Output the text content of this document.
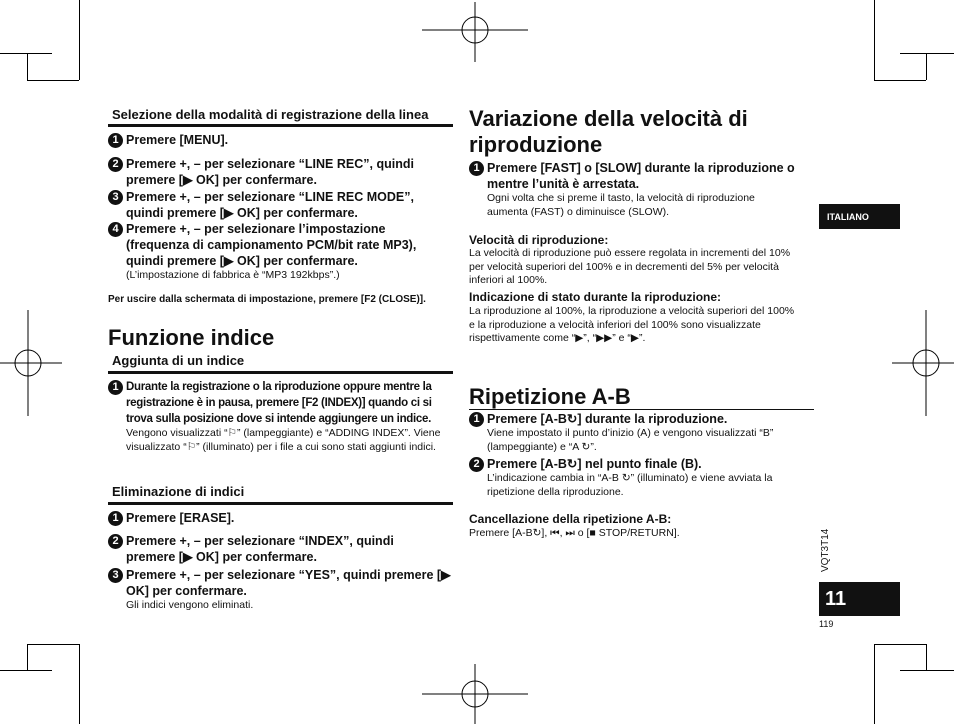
Selezione della modalità di registrazione della linea
1 Premere [MENU].
2 Premere +, – per selezionare “LINE REC”, quindi premere [▶ OK] per confermare.
3 Premere +, – per selezionare “LINE REC MODE”, quindi premere [▶ OK] per confermare.
4 Premere +, – per selezionare l’impostazione (frequenza di campionamento PCM/bit rate MP3), quindi premere [▶ OK] per confermare.
(L’impostazione di fabbrica è “MP3 192kbps”.)
Per uscire dalla schermata di impostazione, premere [F2 (CLOSE)].
Funzione indice
Aggiunta di un indice
1 Durante la registrazione o la riproduzione oppure mentre la registrazione è in pausa, premere [F2 (INDEX)] quando ci si trova sulla posizione dove si intende aggiungere un indice.
Vengono visualizzati “⚐” (lampeggiante) e “ADDING INDEX”. Viene visualizzato “⚐” (illuminato) per i file a cui sono stati aggiunti indici.
Eliminazione di indici
1 Premere [ERASE].
2 Premere +, – per selezionare “INDEX”, quindi premere [▶ OK] per confermare.
3 Premere +, – per selezionare “YES”, quindi premere [▶ OK] per confermare.
Gli indici vengono eliminati.
Variazione della velocità di riproduzione
1 Premere [FAST] o [SLOW] durante la riproduzione o mentre l’unità è arrestata.
Ogni volta che si preme il tasto, la velocità di riproduzione aumenta (FAST) o diminuisce (SLOW).
Velocità di riproduzione:
La velocità di riproduzione può essere regolata in incrementi del 10% per velocità superiori del 100% e in decrementi del 5% per velocità inferiori al 100%.
Indicazione di stato durante la riproduzione:
La riproduzione al 100%, la riproduzione a velocità superiori del 100% e la riproduzione a velocità inferiori del 100% sono visualizzate rispettivamente come “▶”, “▶▶” e “▶”.
Ripetizione A-B
1 Premere [A-B↻] durante la riproduzione.
Viene impostato il punto d’inizio (A) e vengono visualizzati “B” (lampeggiante) e “A ↻”.
2 Premere [A-B↻] nel punto finale (B).
L’indicazione cambia in “A-B ↻” (illuminato) e viene avviata la ripetizione della riproduzione.
Cancellazione della ripetizione A-B:
Premere [A-B↻], ⏮, ⏭ o [■ STOP/RETURN].
ITALIANO
VQT3T14
11
119
